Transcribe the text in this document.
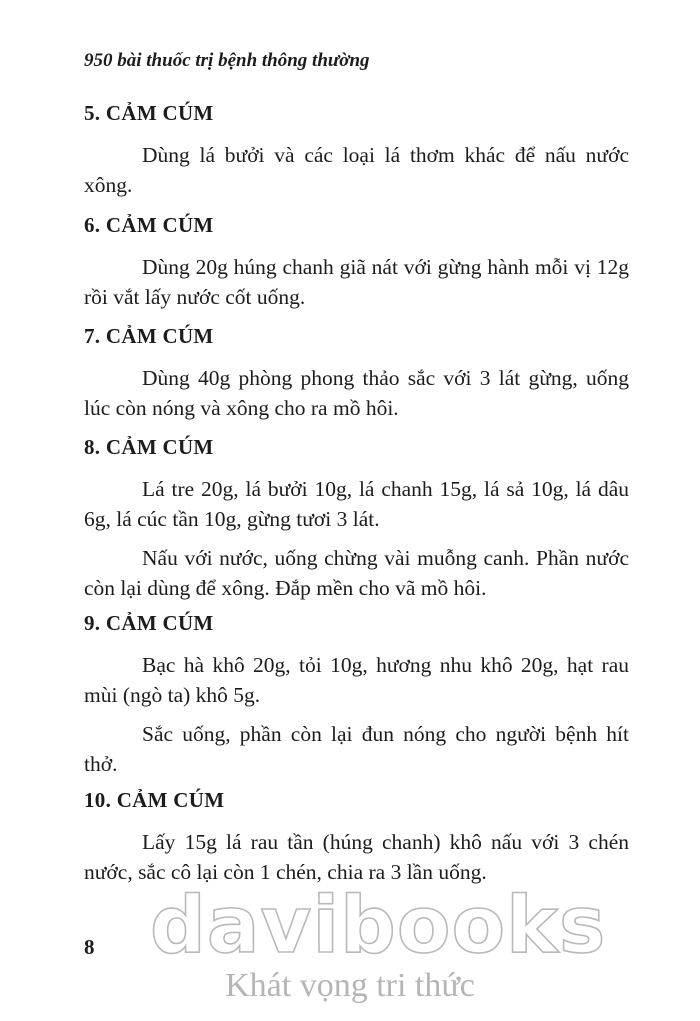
950 bài thuốc trị bệnh thông thường
5. CẢM CÚM

Dùng lá bưởi và các loại lá thơm khác để nấu nước xông.

6. CẢM CÚM

Dùng 20g húng chanh giã nát với gừng hành mỗi vị 12g rồi vắt lấy nước cốt uống.

7. CẢM CÚM

Dùng 40g phòng phong thảo sắc với 3 lát gừng, uống lúc còn nóng và xông cho ra mồ hôi.

8. CẢM CÚM

Lá tre 20g, lá bưởi 10g, lá chanh 15g, lá sả 10g, lá dâu 6g, lá cúc tần 10g, gừng tươi 3 lát.

Nấu với nước, uống chừng vài muỗng canh. Phần nước còn lại dùng để xông. Đắp mền cho vã mồ hôi.

9. CẢM CÚM

Bạc hà khô 20g, tỏi 10g, hương nhu khô 20g, hạt rau mùi (ngò ta) khô 5g.

Sắc uống, phần còn lại đun nóng cho người bệnh hít thở.

10. CẢM CÚM

Lấy 15g lá rau tần (húng chanh) khô nấu với 3 chén nước, sắc cô lại còn 1 chén, chia ra 3 lần uống.

8 davibooks
Khát vọng tri thức
